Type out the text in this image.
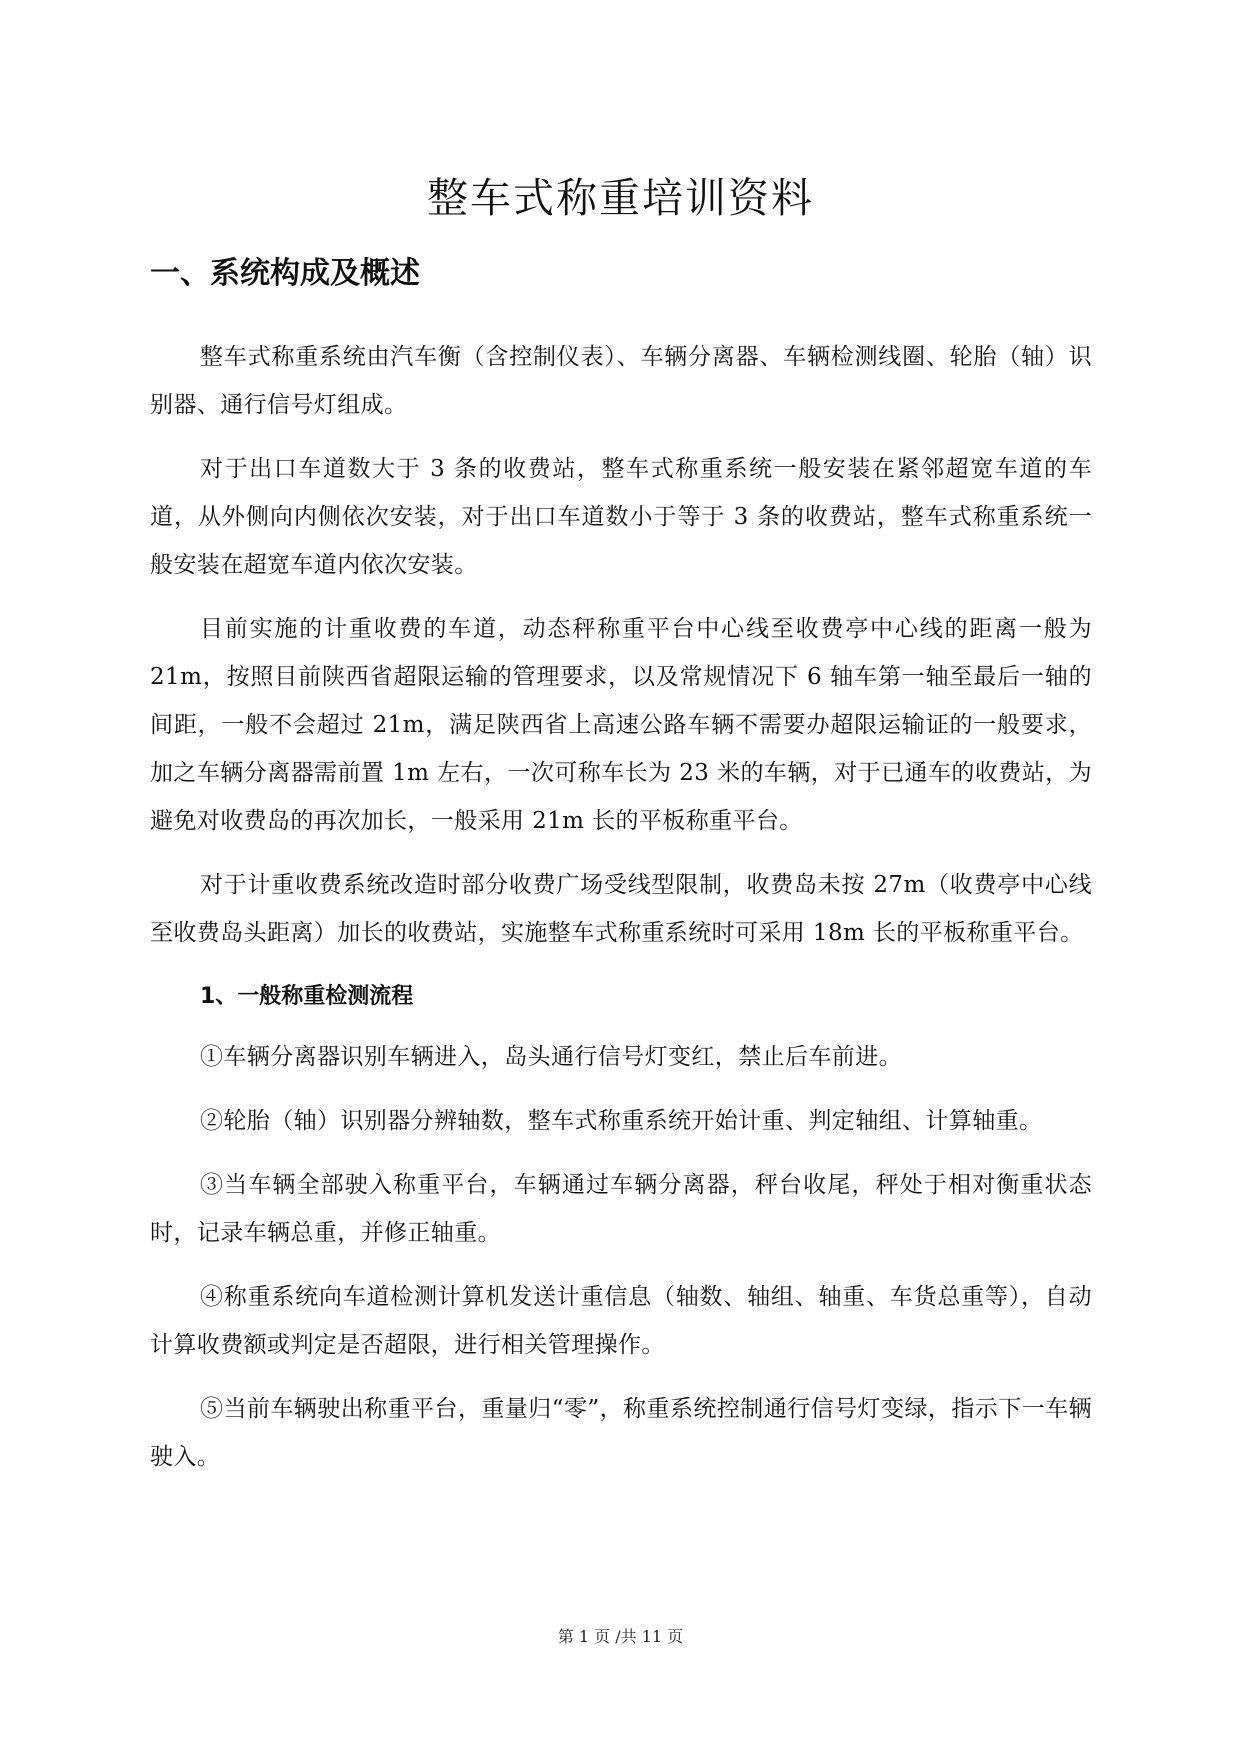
整车式称重培训资料
一、系统构成及概述

整车式称重系统由汽车衡（含控制仪表）、车辆分离器、车辆检测线圈、轮胎（轴）识别器、通行信号灯组成。

对于出口车道数大于 3 条的收费站，整车式称重系统一般安装在紧邻超宽车道的车道，从外侧向内侧依次安装，对于出口车道数小于等于 3 条的收费站，整车式称重系统一般安装在超宽车道内依次安装。

目前实施的计重收费的车道，动态秤称重平台中心线至收费亭中心线的距离一般为 21m，按照目前陕西省超限运输的管理要求，以及常规情况下 6 轴车第一轴至最后一轴的间距，一般不会超过 21m，满足陕西省上高速公路车辆不需要办超限运输证的一般要求，加之车辆分离器需前置 1m 左右，一次可称车长为 23 米的车辆，对于已通车的收费站，为避免对收费岛的再次加长，一般采用 21m 长的平板称重平台。

对于计重收费系统改造时部分收费广场受线型限制，收费岛未按 27m（收费亭中心线至收费岛头距离）加长的收费站，实施整车式称重系统时可采用 18m 长的平板称重平台。

1、一般称重检测流程

①车辆分离器识别车辆进入，岛头通行信号灯变红，禁止后车前进。

②轮胎（轴）识别器分辨轴数，整车式称重系统开始计重、判定轴组、计算轴重。

③当车辆全部驶入称重平台，车辆通过车辆分离器，秤台收尾，秤处于相对衡重状态时，记录车辆总重，并修正轴重。

④称重系统向车道检测计算机发送计重信息（轴数、轴组、轴重、车货总重等），自动计算收费额或判定是否超限，进行相关管理操作。

⑤当前车辆驶出称重平台，重量归“零”，称重系统控制通行信号灯变绿，指示下一车辆驶入。

第 1 页 /共 11 页
